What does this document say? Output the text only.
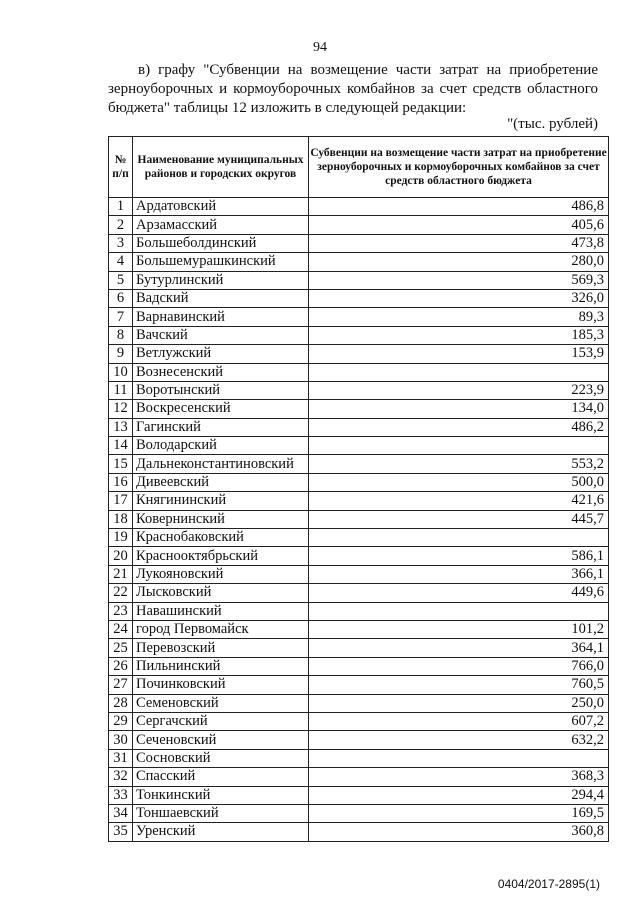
94

в) графу "Субвенции на возмещение части затрат на приобретение зерноуборочных и кормоуборочных комбайнов за счет средств областного бюджета" таблицы 12 изложить в следующей редакции:

"(тыс. рублей)
№ п/п	Наименование муниципальных районов и городских округов	Субвенции на возмещение части затрат на приобретение зерноуборочных и кормоуборочных комбайнов за счет средств областного бюджета
1	Ардатовский	486,8
2	Арзамасский	405,6
3	Большеболдинский	473,8
4	Большемурашкинский	280,0
5	Бутурлинский	569,3
6	Вадский	326,0
7	Варнавинский	89,3
8	Вачский	185,3
9	Ветлужский	153,9
10	Вознесенский	
11	Воротынский	223,9
12	Воскресенский	134,0
13	Гагинский	486,2
14	Володарский	
15	Дальнеконстантиновский	553,2
16	Дивеевский	500,0
17	Княгининский	421,6
18	Ковернинский	445,7
19	Краснобаковский	
20	Краснооктябрьский	586,1
21	Лукояновский	366,1
22	Лысковский	449,6
23	Навашинский	
24	город Первомайск	101,2
25	Перевозский	364,1
26	Пильнинский	766,0
27	Починковский	760,5
28	Семеновский	250,0
29	Сергачский	607,2
30	Сеченовский	632,2
31	Сосновский	
32	Спасский	368,3
33	Тонкинский	294,4
34	Тоншаевский	169,5
35	Уренский	360,8
0404/2017-2895(1)
